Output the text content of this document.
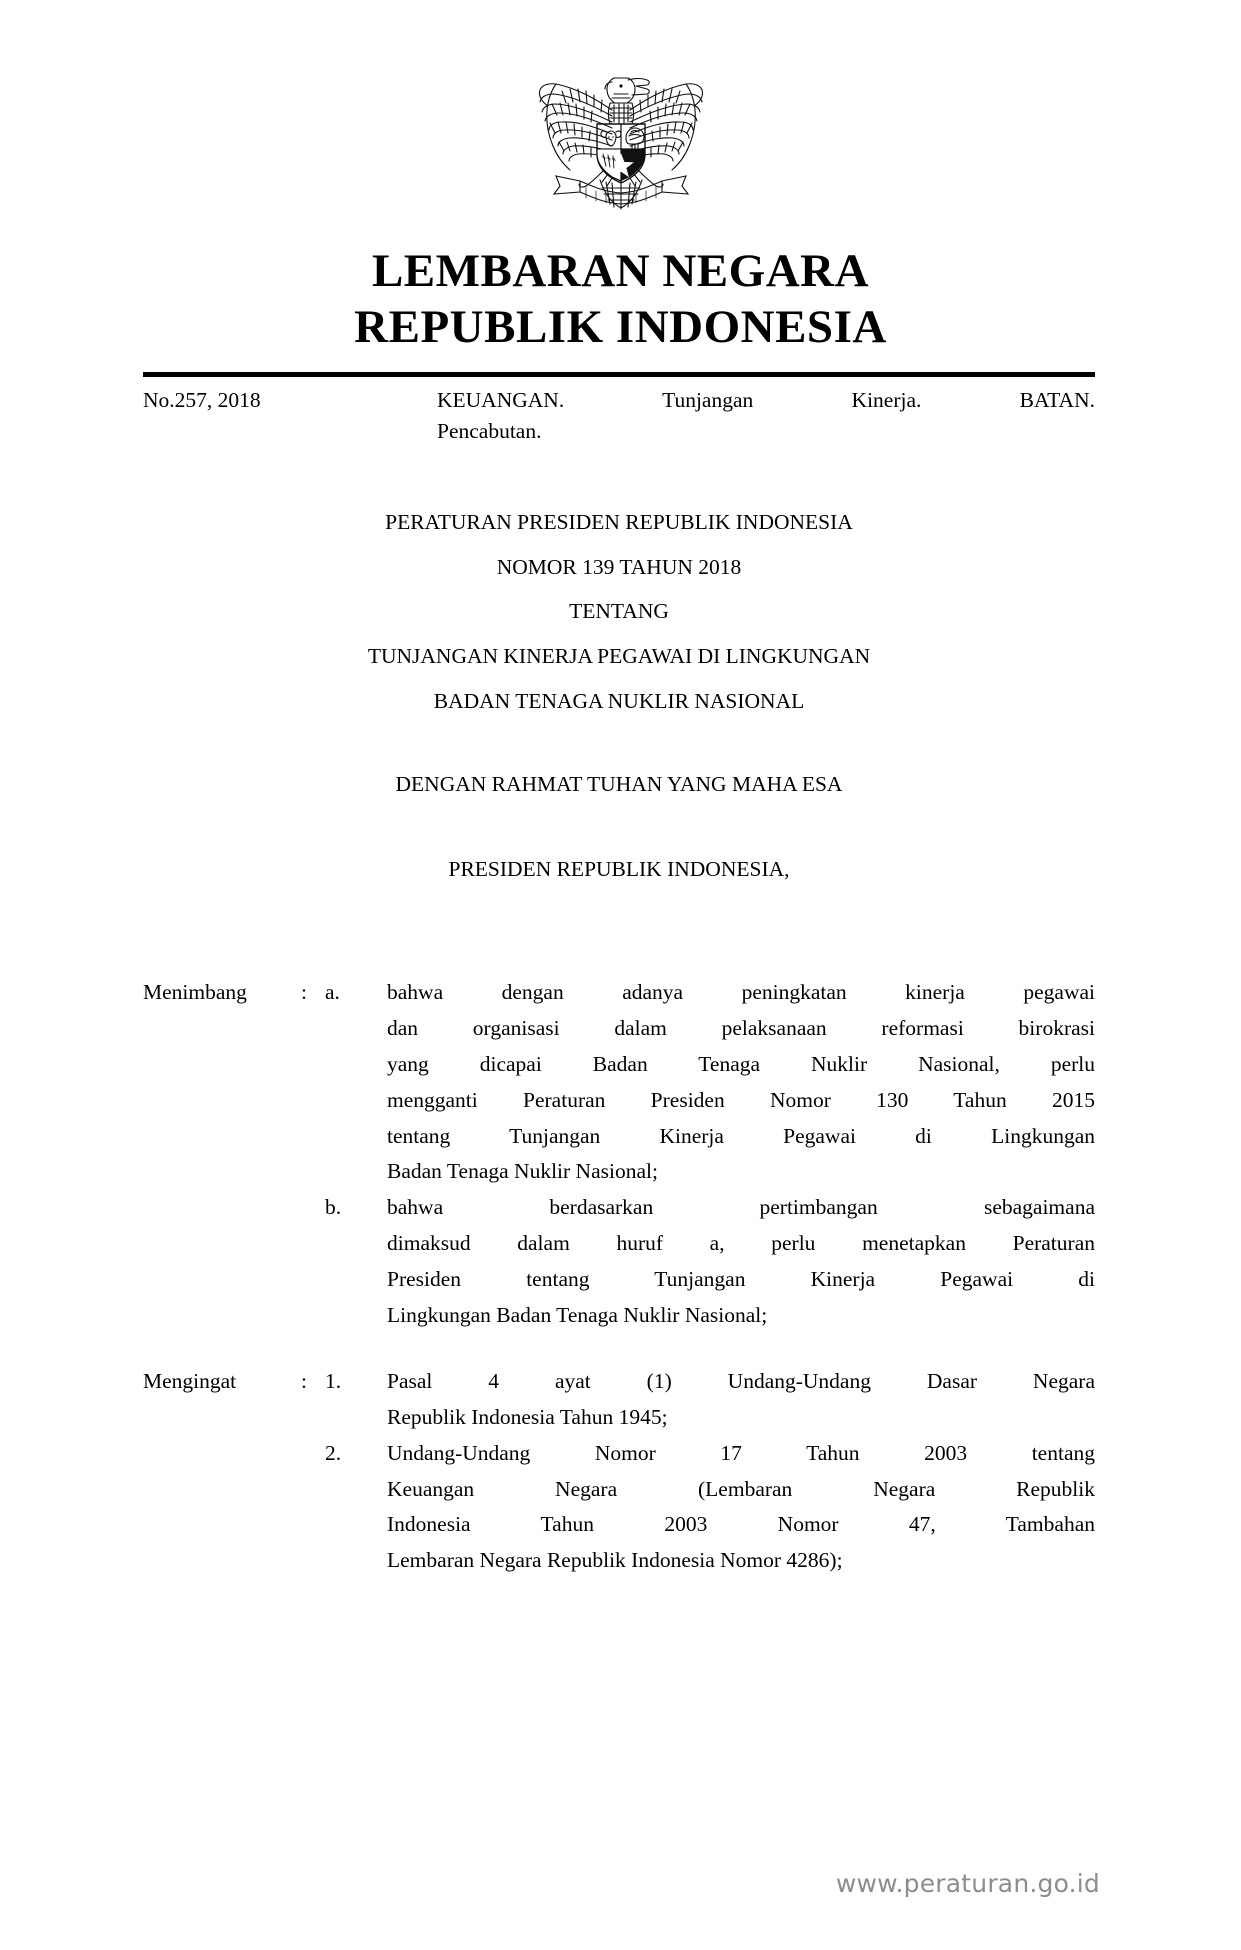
LEMBARAN NEGARA
REPUBLIK INDONESIA
No.257, 2018	KEUANGAN. Tunjangan Kinerja. BATAN.
Pencabutan.
PERATURAN PRESIDEN REPUBLIK INDONESIA
NOMOR 139 TAHUN 2018
TENTANG
TUNJANGAN KINERJA PEGAWAI DI LINGKUNGAN
BADAN TENAGA NUKLIR NASIONAL
DENGAN RAHMAT TUHAN YANG MAHA ESA
PRESIDEN REPUBLIK INDONESIA,
Menimbang	: a.	bahwa dengan adanya peningkatan kinerja pegawai
dan organisasi dalam pelaksanaan reformasi birokrasi
yang dicapai Badan Tenaga Nuklir Nasional, perlu
mengganti Peraturan Presiden Nomor 130 Tahun 2015
tentang Tunjangan Kinerja Pegawai di Lingkungan
Badan Tenaga Nuklir Nasional;
b.	bahwa berdasarkan pertimbangan sebagaimana
dimaksud dalam huruf a, perlu menetapkan Peraturan
Presiden tentang Tunjangan Kinerja Pegawai di
Lingkungan Badan Tenaga Nuklir Nasional;
Mengingat	: 1.	Pasal 4 ayat (1) Undang-Undang Dasar Negara
Republik Indonesia Tahun 1945;
2.	Undang-Undang Nomor 17 Tahun 2003 tentang
Keuangan Negara (Lembaran Negara Republik
Indonesia Tahun 2003 Nomor 47, Tambahan
Lembaran Negara Republik Indonesia Nomor 4286);
www.peraturan.go.id
